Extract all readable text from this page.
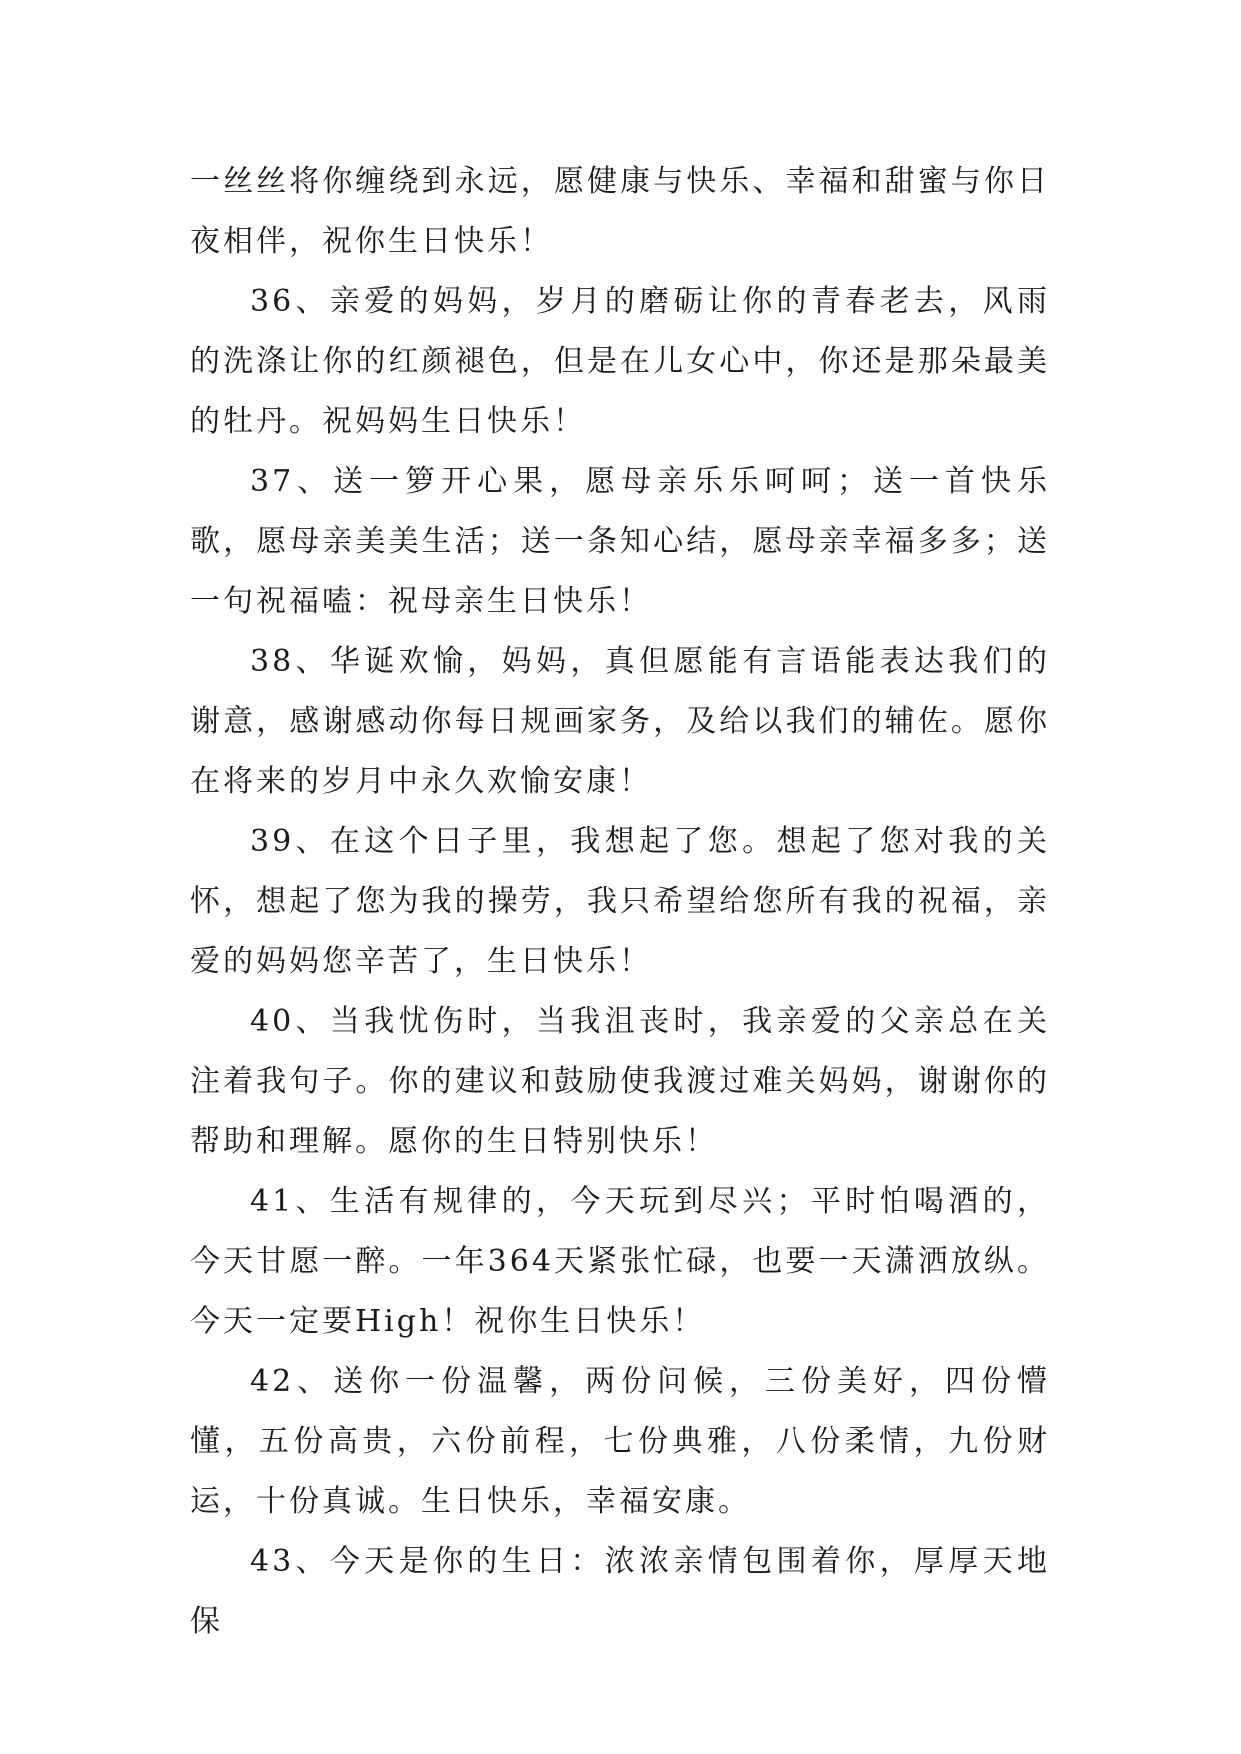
一丝丝将你缠绕到永远，愿健康与快乐、幸福和甜蜜与你日夜相伴，祝你生日快乐！

36、亲爱的妈妈，岁月的磨砺让你的青春老去，风雨的洗涤让你的红颜褪色，但是在儿女心中，你还是那朵最美的牡丹。祝妈妈生日快乐！

37、送一箩开心果，愿母亲乐乐呵呵；送一首快乐歌，愿母亲美美生活；送一条知心结，愿母亲幸福多多；送一句祝福嗑：祝母亲生日快乐！

38、华诞欢愉，妈妈，真但愿能有言语能表达我们的谢意，感谢感动你每日规画家务，及给以我们的辅佐。愿你在将来的岁月中永久欢愉安康！

39、在这个日子里，我想起了您。想起了您对我的关怀，想起了您为我的操劳，我只希望给您所有我的祝福，亲爱的妈妈您辛苦了，生日快乐！

40、当我忧伤时，当我沮丧时，我亲爱的父亲总在关注着我句子。你的建议和鼓励使我渡过难关妈妈，谢谢你的帮助和理解。愿你的生日特别快乐！

41、生活有规律的，今天玩到尽兴；平时怕喝酒的，今天甘愿一醉。一年364天紧张忙碌，也要一天潇洒放纵。今天一定要High！祝你生日快乐！

42、送你一份温馨，两份问候，三份美好，四份懵懂，五份高贵，六份前程，七份典雅，八份柔情，九份财运，十份真诚。生日快乐，幸福安康。

43、今天是你的生日：浓浓亲情包围着你，厚厚天地保
